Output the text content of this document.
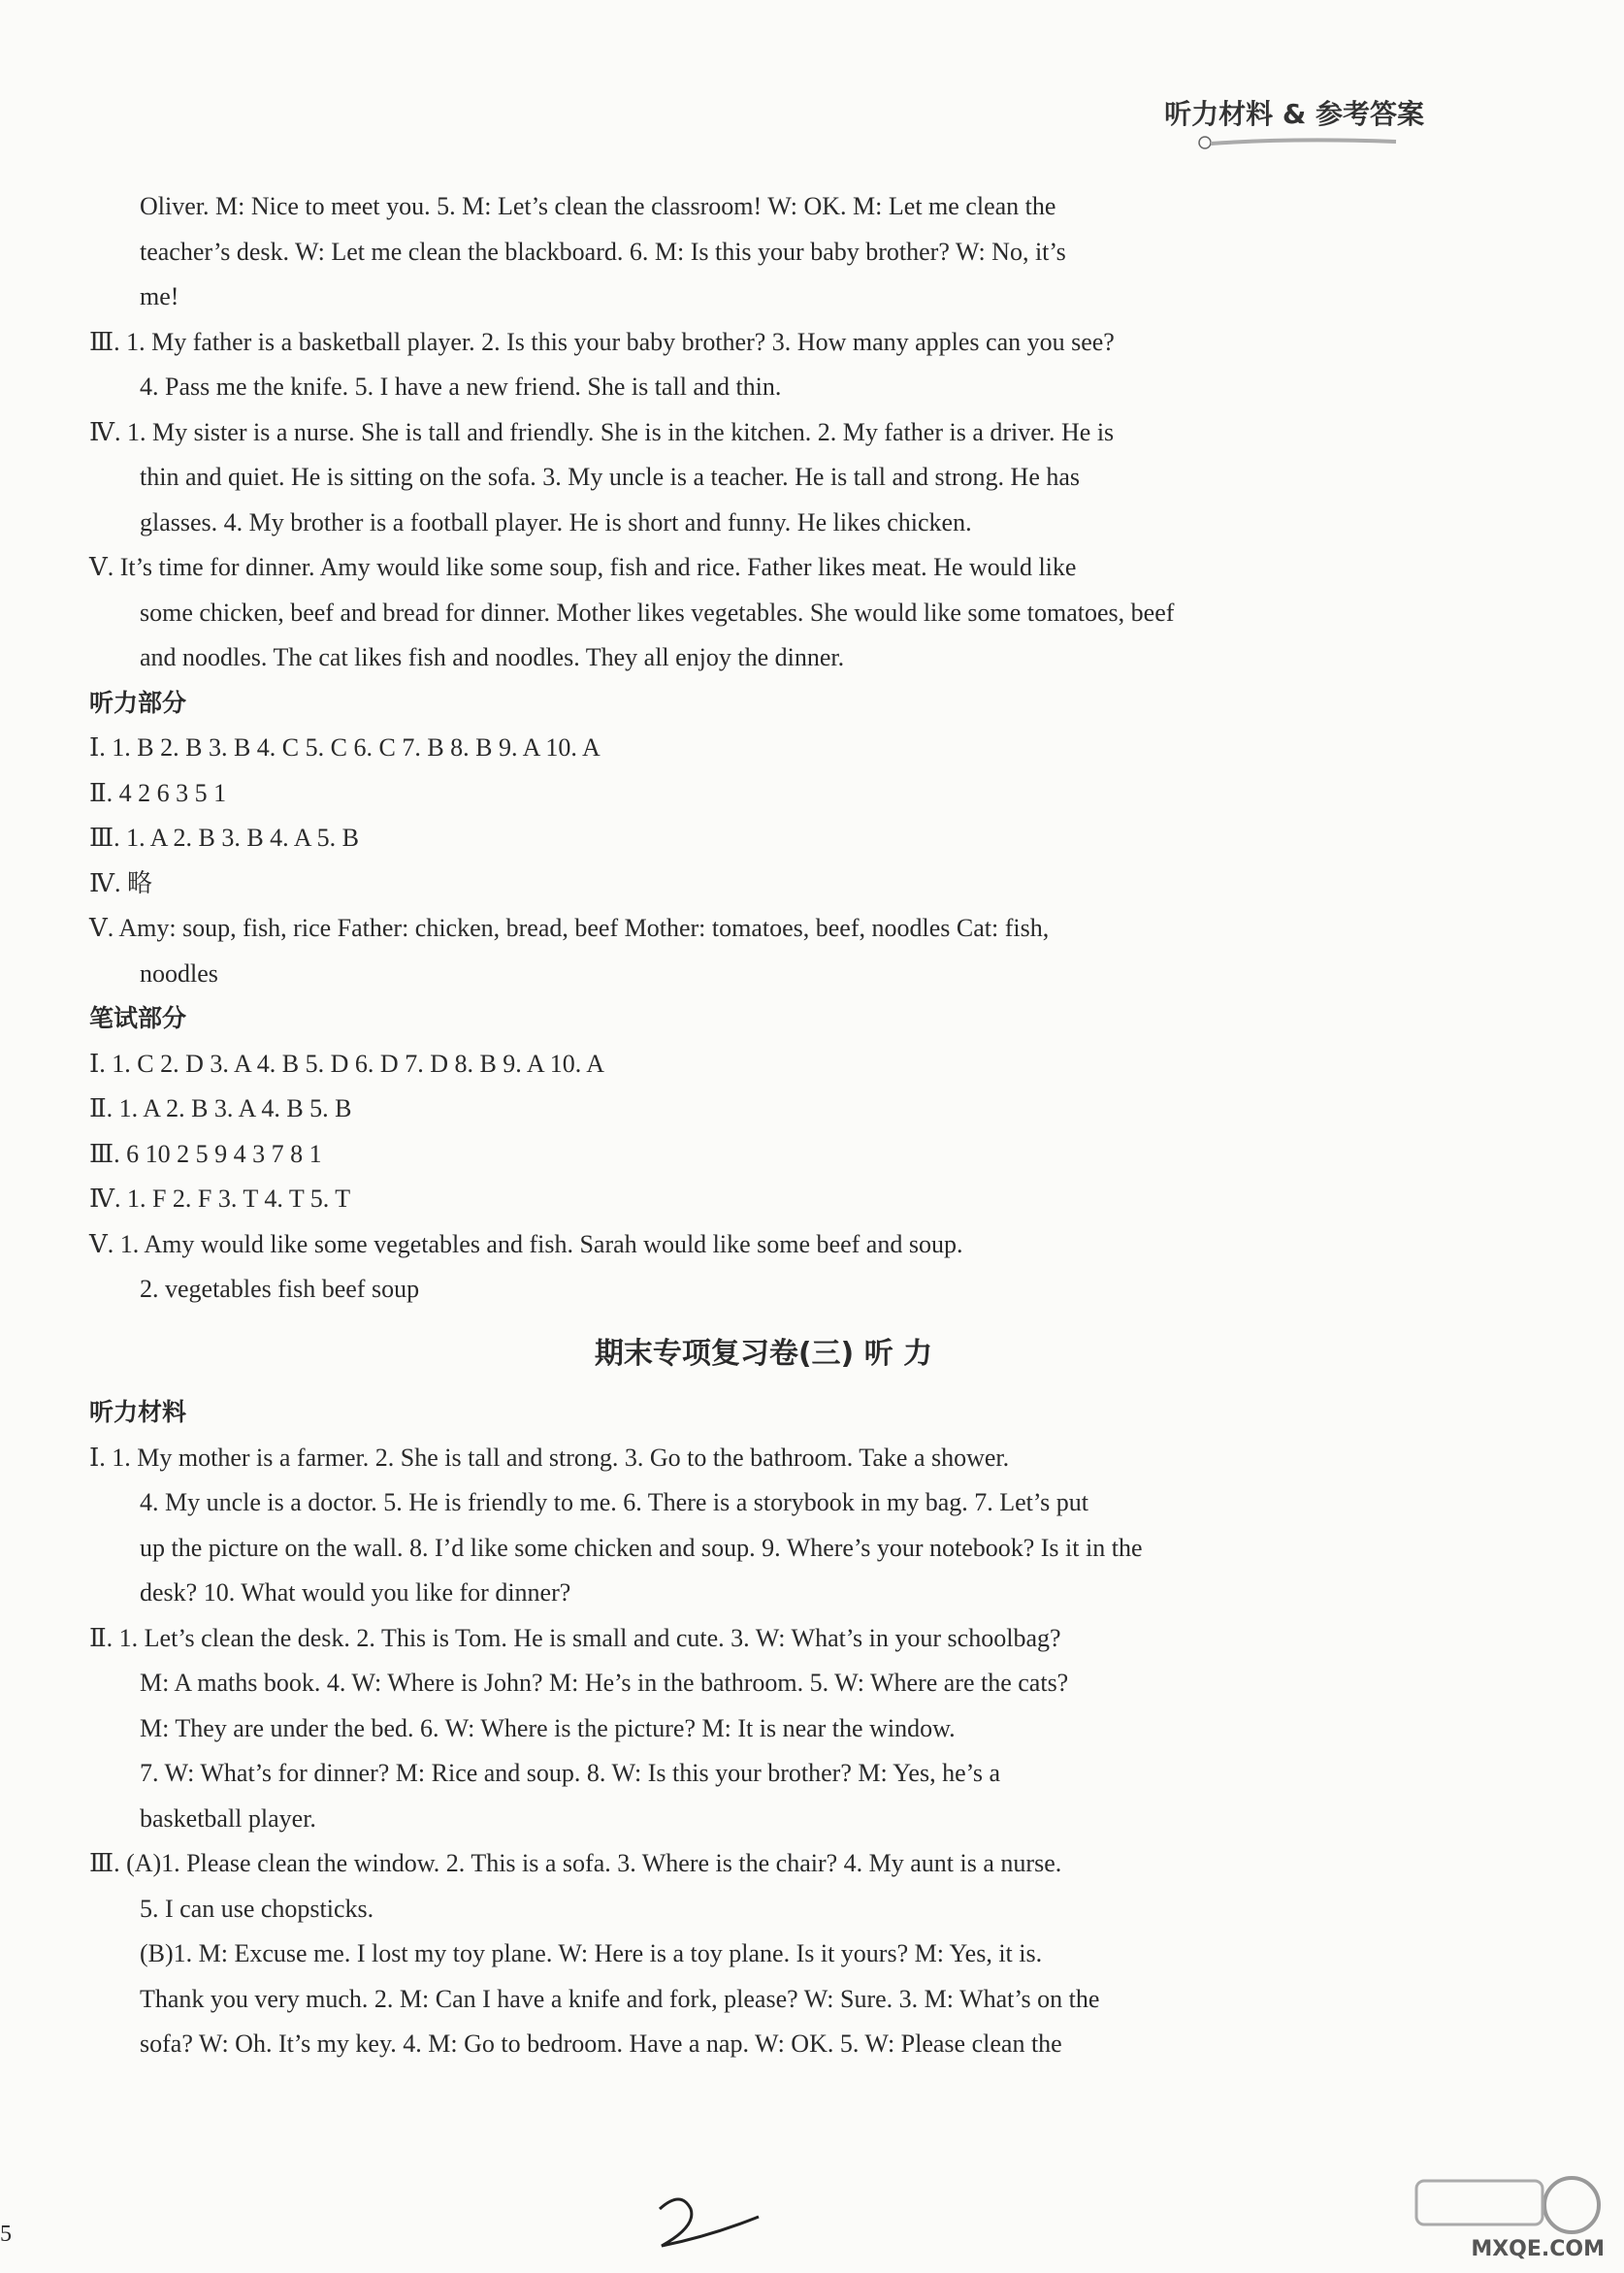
听力材料 & 参考答案

Oliver. M: Nice to meet you. 5. M: Let’s clean the classroom! W: OK. M: Let me clean the

teacher’s desk. W: Let me clean the blackboard. 6. M: Is this your baby brother? W: No, it’s

me!

Ⅲ. 1. My father is a basketball player. 2. Is this your baby brother? 3. How many apples can you see?

4. Pass me the knife. 5. I have a new friend. She is tall and thin.

Ⅳ. 1. My sister is a nurse. She is tall and friendly. She is in the kitchen. 2. My father is a driver. He is

thin and quiet. He is sitting on the sofa. 3. My uncle is a teacher. He is tall and strong. He has

glasses. 4. My brother is a football player. He is short and funny. He likes chicken.

Ⅴ. It’s time for dinner. Amy would like some soup, fish and rice. Father likes meat. He would like

some chicken, beef and bread for dinner. Mother likes vegetables. She would like some tomatoes, beef

and noodles. The cat likes fish and noodles. They all enjoy the dinner.

听力部分

Ⅰ. 1. B 2. B 3. B 4. C 5. C 6. C 7. B 8. B 9. A 10. A

Ⅱ. 4 2 6 3 5 1

Ⅲ. 1. A 2. B 3. B 4. A 5. B

Ⅳ. 略

Ⅴ. Amy: soup, fish, rice Father: chicken, bread, beef Mother: tomatoes, beef, noodles Cat: fish,

noodles

笔试部分

Ⅰ. 1. C 2. D 3. A 4. B 5. D 6. D 7. D 8. B 9. A 10. A

Ⅱ. 1. A 2. B 3. A 4. B 5. B

Ⅲ. 6 10 2 5 9 4 3 7 8 1

Ⅳ. 1. F 2. F 3. T 4. T 5. T

Ⅴ. 1. Amy would like some vegetables and fish. Sarah would like some beef and soup.

2. vegetables fish beef soup

期末专项复习卷(三) 听 力

听力材料

Ⅰ. 1. My mother is a farmer. 2. She is tall and strong. 3. Go to the bathroom. Take a shower.

4. My uncle is a doctor. 5. He is friendly to me. 6. There is a storybook in my bag. 7. Let’s put

up the picture on the wall. 8. I’d like some chicken and soup. 9. Where’s your notebook? Is it in the

desk? 10. What would you like for dinner?

Ⅱ. 1. Let’s clean the desk. 2. This is Tom. He is small and cute. 3. W: What’s in your schoolbag?

M: A maths book. 4. W: Where is John? M: He’s in the bathroom. 5. W: Where are the cats?

M: They are under the bed. 6. W: Where is the picture? M: It is near the window.

7. W: What’s for dinner? M: Rice and soup. 8. W: Is this your brother? M: Yes, he’s a

basketball player.

Ⅲ. (A)1. Please clean the window. 2. This is a sofa. 3. Where is the chair? 4. My aunt is a nurse.

5. I can use chopsticks.

(B)1. M: Excuse me. I lost my toy plane. W: Here is a toy plane. Is it yours? M: Yes, it is.

Thank you very much. 2. M: Can I have a knife and fork, please? W: Sure. 3. M: What’s on the

sofa? W: Oh. It’s my key. 4. M: Go to bedroom. Have a nap. W: OK. 5. W: Please clean the

5
MXQE.COM
